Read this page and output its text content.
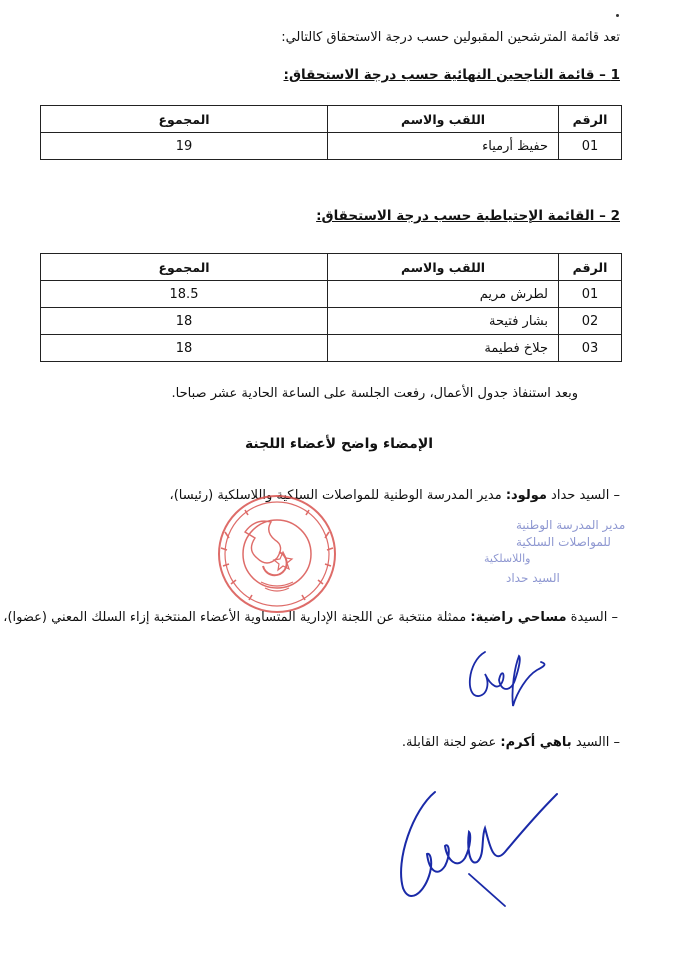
تعد قائمة المترشحين المقبولين حسب درجة الاستحقاق كالتالي:
1 – قائمة الناجحين النهائية حسب درجة الاستحقاق:
الرقم	اللقب والاسم	المجموع
01	حفيظ أرمياء	19
2 – القائمة الإحتياطية حسب درجة الاستحقاق:
الرقم	اللقب والاسم	المجموع
01	لطرش مريم	18.5
02	بشار فتيحة	18
03	جلاخ فطيمة	18
وبعد استنفاذ جدول الأعمال، رفعت الجلسة على الساعة الحادية عشر صباحا.
الإمضاء واضح لأعضاء اللجنة
– السيد حداد مولود: مدير المدرسة الوطنية للمواصلات السلكية واللاسلكية (رئيسا)،
مدير المدرسة الوطنية
للمواصلات السلكية
واللاسلكية
السيد حداد
– السيدة مساحي راضية: ممثلة منتخبة عن اللجنة الإدارية المتساوية الأعضاء المنتخبة إزاء السلك المعني (عضوا)،
– االسيد باهي أكرم: عضو لجنة القابلة.
